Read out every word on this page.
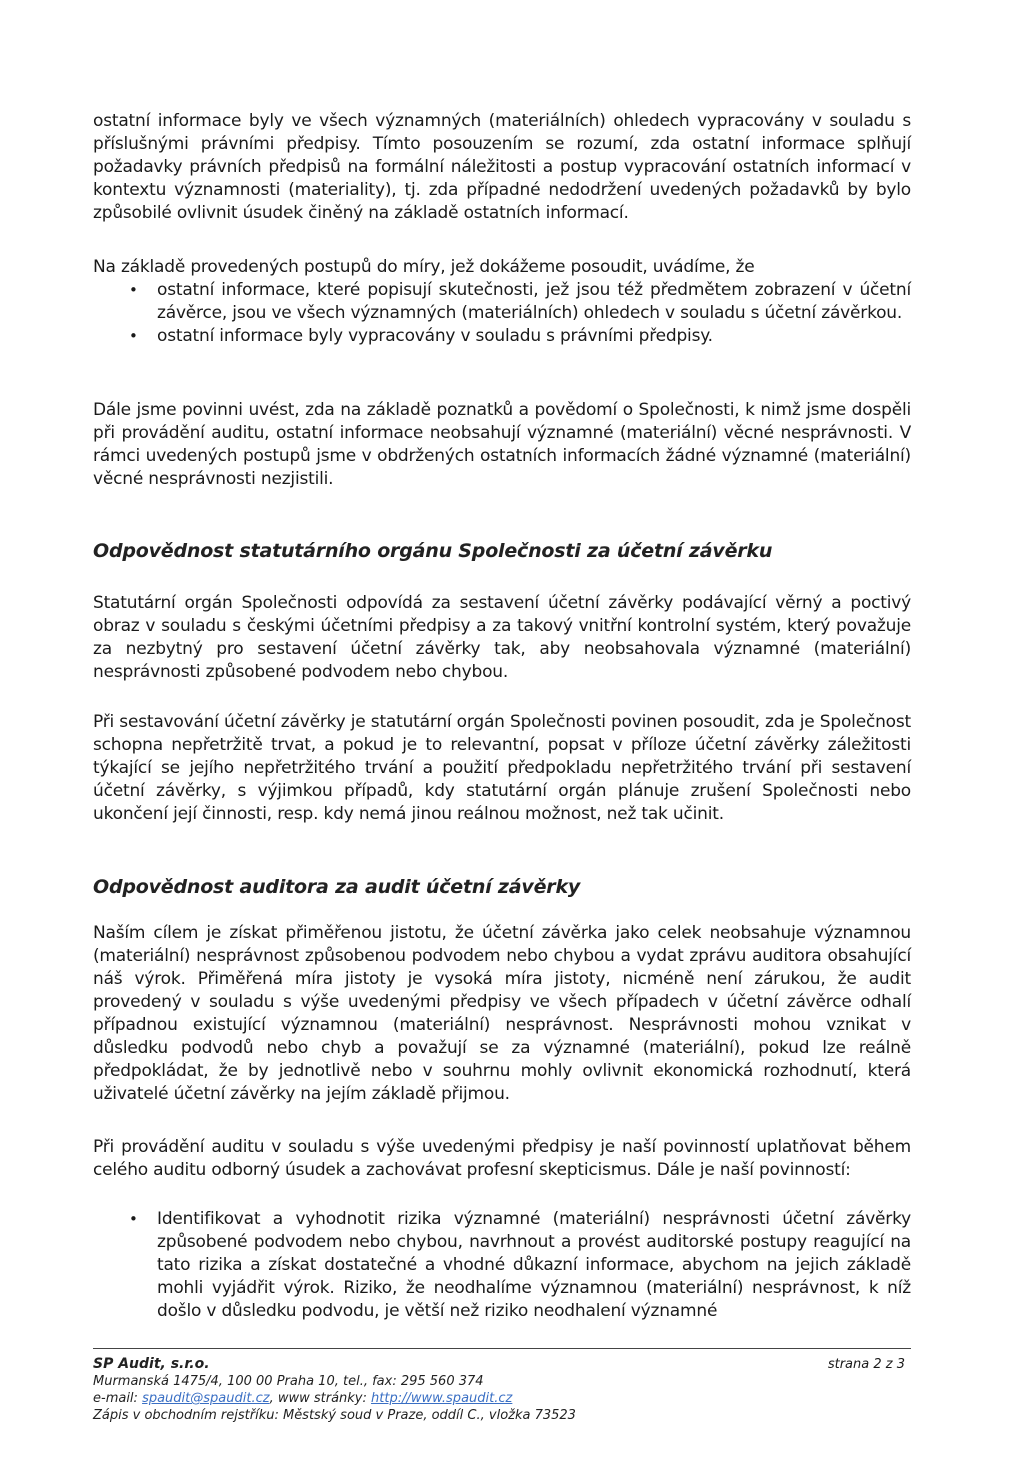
ostatní informace byly ve všech významných (materiálních) ohledech vypracovány v souladu s příslušnými právními předpisy. Tímto posouzením se rozumí, zda ostatní informace splňují požadavky právních předpisů na formální náležitosti a postup vypracování ostatních informací v kontextu významnosti (materiality), tj. zda případné nedodržení uvedených požadavků by bylo způsobilé ovlivnit úsudek činěný na základě ostatních informací.

Na základě provedených postupů do míry, jež dokážeme posoudit, uvádíme, že

• ostatní informace, které popisují skutečnosti, jež jsou též předmětem zobrazení v účetní závěrce, jsou ve všech významných (materiálních) ohledech v souladu s účetní závěrkou.
• ostatní informace byly vypracovány v souladu s právními předpisy.

Dále jsme povinni uvést, zda na základě poznatků a povědomí o Společnosti, k nimž jsme dospěli při provádění auditu, ostatní informace neobsahují významné (materiální) věcné nesprávnosti. V rámci uvedených postupů jsme v obdržených ostatních informacích žádné významné (materiální) věcné nesprávnosti nezjistili.

Odpovědnost statutárního orgánu Společnosti za účetní závěrku

Statutární orgán Společnosti odpovídá za sestavení účetní závěrky podávající věrný a poctivý obraz v souladu s českými účetními předpisy a za takový vnitřní kontrolní systém, který považuje za nezbytný pro sestavení účetní závěrky tak, aby neobsahovala významné (materiální) nesprávnosti způsobené podvodem nebo chybou.

Při sestavování účetní závěrky je statutární orgán Společnosti povinen posoudit, zda je Společnost schopna nepřetržitě trvat, a pokud je to relevantní, popsat v příloze účetní závěrky záležitosti týkající se jejího nepřetržitého trvání a použití předpokladu nepřetržitého trvání při sestavení účetní závěrky, s výjimkou případů, kdy statutární orgán plánuje zrušení Společnosti nebo ukončení její činnosti, resp. kdy nemá jinou reálnou možnost, než tak učinit.

Odpovědnost auditora za audit účetní závěrky

Naším cílem je získat přiměřenou jistotu, že účetní závěrka jako celek neobsahuje významnou (materiální) nesprávnost způsobenou podvodem nebo chybou a vydat zprávu auditora obsahující náš výrok. Přiměřená míra jistoty je vysoká míra jistoty, nicméně není zárukou, že audit provedený v souladu s výše uvedenými předpisy ve všech případech v účetní závěrce odhalí případnou existující významnou (materiální) nesprávnost. Nesprávnosti mohou vznikat v důsledku podvodů nebo chyb a považují se za významné (materiální), pokud lze reálně předpokládat, že by jednotlivě nebo v souhrnu mohly ovlivnit ekonomická rozhodnutí, která uživatelé účetní závěrky na jejím základě přijmou.

Při provádění auditu v souladu s výše uvedenými předpisy je naší povinností uplatňovat během celého auditu odborný úsudek a zachovávat profesní skepticismus. Dále je naší povinností:

• Identifikovat a vyhodnotit rizika významné (materiální) nesprávnosti účetní závěrky způsobené podvodem nebo chybou, navrhnout a provést auditorské postupy reagující na tato rizika a získat dostatečné a vhodné důkazní informace, abychom na jejich základě mohli vyjádřit výrok. Riziko, že neodhalíme významnou (materiální) nesprávnost, k níž došlo v důsledku podvodu, je větší než riziko neodhalení významné
SP Audit, s.r.o.	strana 2 z 3
Murmanská 1475/4, 100 00 Praha 10, tel., fax: 295 560 374
e-mail: spaudit@spaudit.cz, www stránky: http://www.spaudit.cz
Zápis v obchodním rejstříku: Městský soud v Praze, oddíl C., vložka 73523
